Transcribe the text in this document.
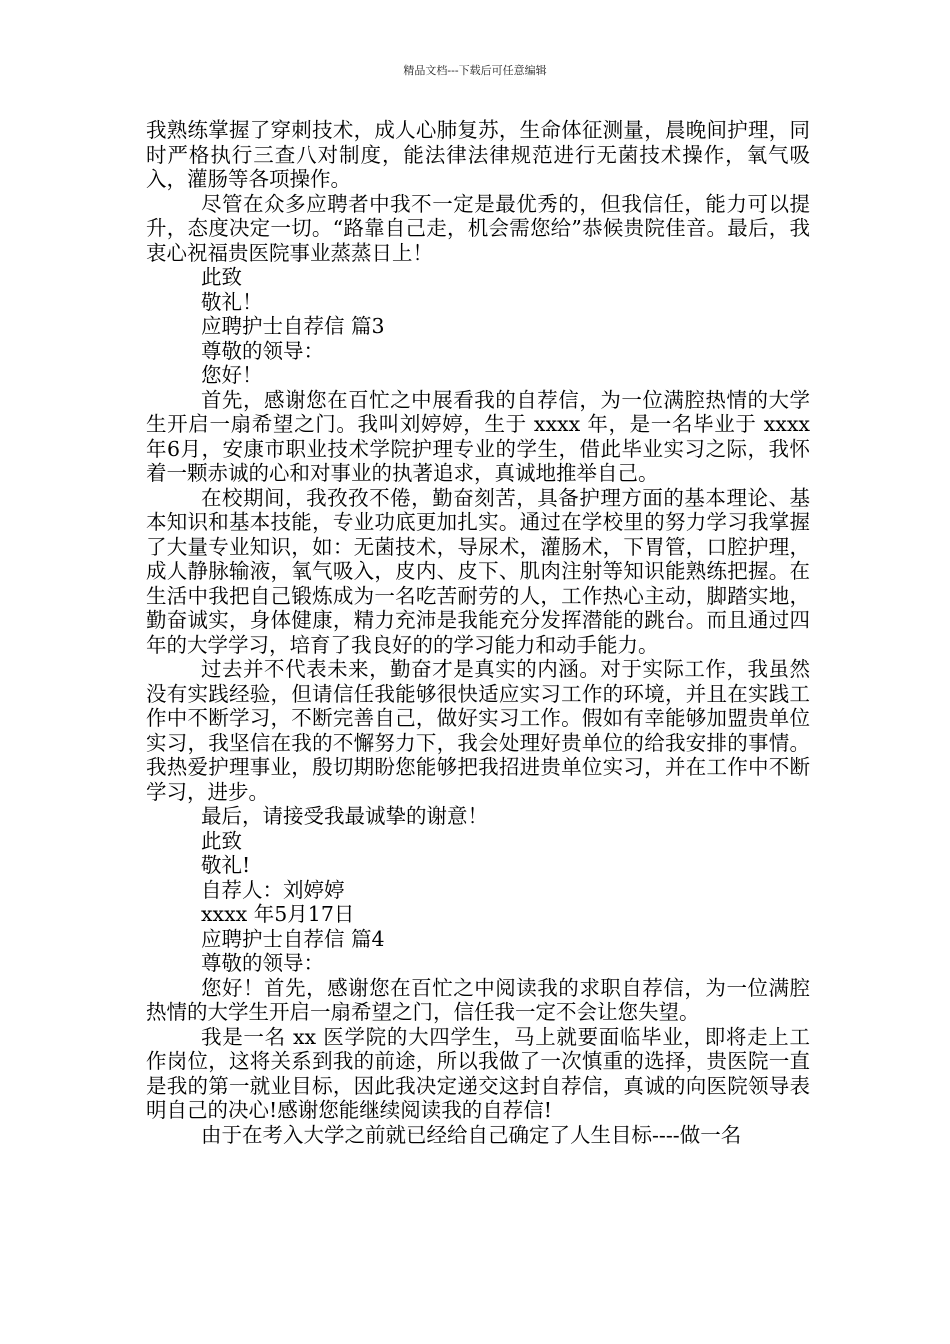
精品文档---下载后可任意编辑

我熟练掌握了穿刺技术，成人心肺复苏，生命体征测量，晨晚间护理，同时严格执行三查八对制度，能法律法律规范进行无菌技术操作，氧气吸入，灌肠等各项操作。

尽管在众多应聘者中我不一定是最优秀的，但我信任，能力可以提升，态度决定一切。“路靠自己走，机会需您给”恭候贵院佳音。最后，我衷心祝福贵医院事业蒸蒸日上！

此致

敬礼！

应聘护士自荐信 篇3

尊敬的领导：

您好！

首先，感谢您在百忙之中展看我的自荐信，为一位满腔热情的大学生开启一扇希望之门。我叫刘婷婷，生于 xxxx 年，是一名毕业于 xxxx 年6月，安康市职业技术学院护理专业的学生，借此毕业实习之际，我怀着一颗赤诚的心和对事业的执著追求，真诚地推举自己。

在校期间，我孜孜不倦，勤奋刻苦，具备护理方面的基本理论、基本知识和基本技能，专业功底更加扎实。通过在学校里的努力学习我掌握了大量专业知识，如：无菌技术，导尿术，灌肠术，下胃管，口腔护理，成人静脉输液，氧气吸入，皮内、皮下、肌肉注射等知识能熟练把握。在生活中我把自己锻炼成为一名吃苦耐劳的人，工作热心主动，脚踏实地，勤奋诚实，身体健康，精力充沛是我能充分发挥潜能的跳台。而且通过四年的大学学习，培育了我良好的的学习能力和动手能力。

过去并不代表未来，勤奋才是真实的内涵。对于实际工作，我虽然没有实践经验，但请信任我能够很快适应实习工作的环境，并且在实践工作中不断学习，不断完善自己，做好实习工作。假如有幸能够加盟贵单位实习，我坚信在我的不懈努力下，我会处理好贵单位的给我安排的事情。 我热爱护理事业，殷切期盼您能够把我招进贵单位实习，并在工作中不断学习，进步。

最后，请接受我最诚挚的谢意！

此致

敬礼!

自荐人：刘婷婷

xxxx 年5月17日

应聘护士自荐信 篇4

尊敬的领导：

您好！首先，感谢您在百忙之中阅读我的求职自荐信，为一位满腔热情的大学生开启一扇希望之门，信任我一定不会让您失望。

我是一名 xx 医学院的大四学生，马上就要面临毕业，即将走上工作岗位，这将关系到我的前途，所以我做了一次慎重的选择，贵医院一直是我的第一就业目标，因此我决定递交这封自荐信，真诚的向医院领导表明自己的决心!感谢您能继续阅读我的自荐信!

由于在考入大学之前就已经给自己确定了人生目标----做一名
